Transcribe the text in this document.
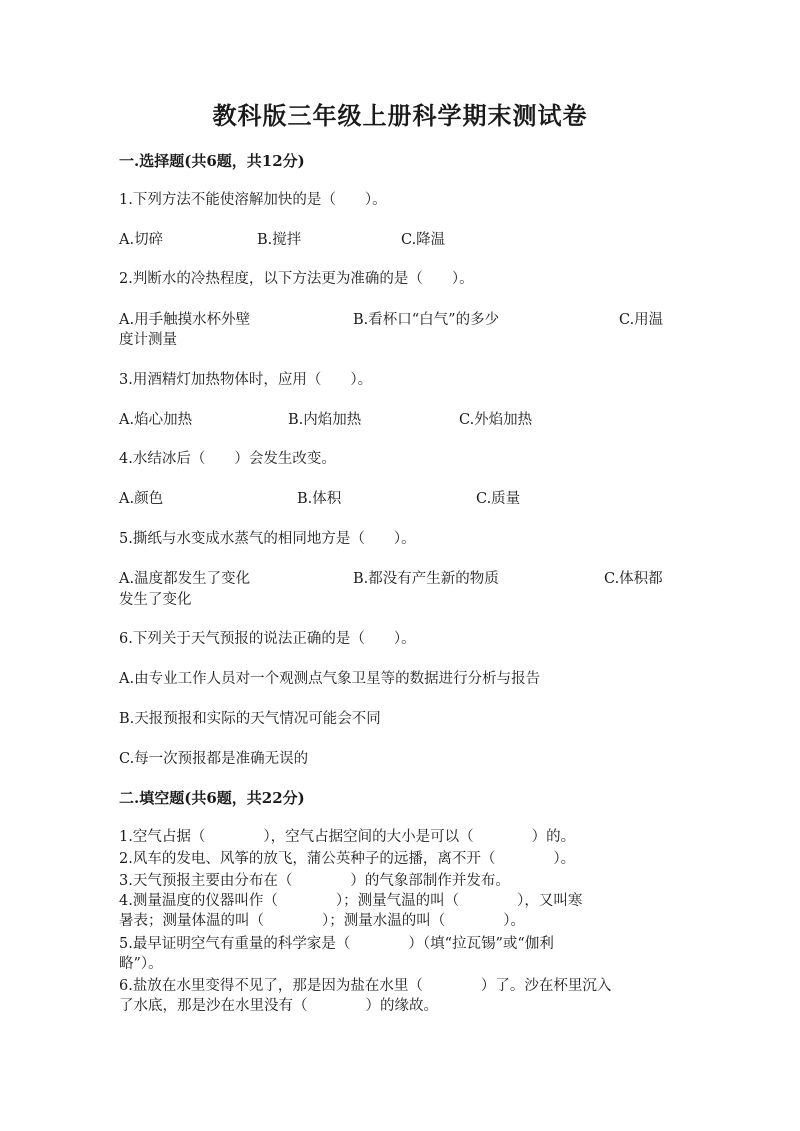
教科版三年级上册科学期末测试卷
一.选择题(共6题，共12分)
1.下列方法不能使溶解加快的是（　　）。
A.切碎	B.搅拌	C.降温
2.判断水的冷热程度，以下方法更为准确的是（　　）。
A.用手触摸水杯外壁	B.看杯口“白气”的多少	C.用温
度计测量
3.用酒精灯加热物体时，应用（　　）。
A.焰心加热	B.内焰加热	C.外焰加热
4.水结冰后（　　）会发生改变。
A.颜色	B.体积	C.质量
5.撕纸与水变成水蒸气的相同地方是（　　）。
A.温度都发生了变化	B.都没有产生新的物质	C.体积都
发生了变化
6.下列关于天气预报的说法正确的是（　　）。
A.由专业工作人员对一个观测点气象卫星等的数据进行分析与报告
B.天报预报和实际的天气情况可能会不同
C.每一次预报都是准确无误的
二.填空题(共6题，共22分)
1.空气占据（　　　　），空气占据空间的大小是可以（　　　　）的。
2.风车的发电、风筝的放飞，蒲公英种子的远播，离不开（　　　　）。
3.天气预报主要由分布在（　　　　）的气象部制作并发布。
4.测量温度的仪器叫作（　　　　）；测量气温的叫（　　　　），又叫寒
暑表；测量体温的叫（　　　　）；测量水温的叫（　　　　）。
5.最早证明空气有重量的科学家是（　　　　）（填“拉瓦锡”或“伽利
略”）。
6.盐放在水里变得不见了，那是因为盐在水里（　　　　）了。沙在杯里沉入
了水底，那是沙在水里没有（　　　　）的缘故。
